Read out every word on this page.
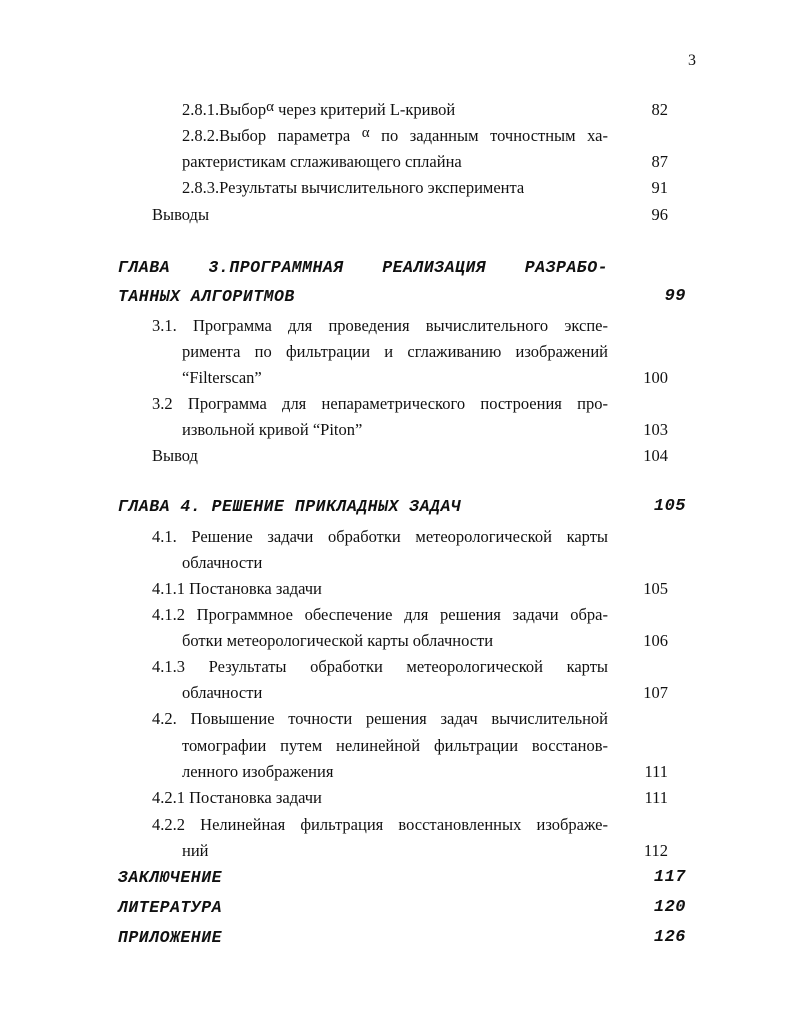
3
2.8.1.Выборα через критерий L-кривой	82
2.8.2.Выбор параметра α по заданным точностным ха-
рактеристикам сглаживающего сплайна	87
2.8.3.Результаты вычислительного эксперимента	91
Выводы	96
ГЛАВА 3.ПРОГРАММНАЯ РЕАЛИЗАЦИЯ РАЗРАБО-
ТАННЫХ АЛГОРИТМОВ	99
3.1. Программа для проведения вычислительного экспе-
римента по фильтрации и сглаживанию изображений
“Filterscan”	100
3.2 Программа для непараметрического построения про-
извольной кривой “Piton”	103
Вывод	104
ГЛАВА 4. РЕШЕНИЕ ПРИКЛАДНЫХ ЗАДАЧ	105
4.1. Решение задачи обработки метеорологической карты
облачности
4.1.1 Постановка задачи	105
4.1.2 Программное обеспечение для решения задачи обра-
ботки метеорологической карты облачности	106
4.1.3 Результаты обработки метеорологической карты
облачности	107
4.2. Повышение точности решения задач вычислительной
томографии путем нелинейной фильтрации восстанов-
ленного изображения	111
4.2.1 Постановка задачи	111
4.2.2 Нелинейная фильтрация восстановленных изображе-
ний	112
ЗАКЛЮЧЕНИЕ	117
ЛИТЕРАТУРА	120
ПРИЛОЖЕНИЕ	126
